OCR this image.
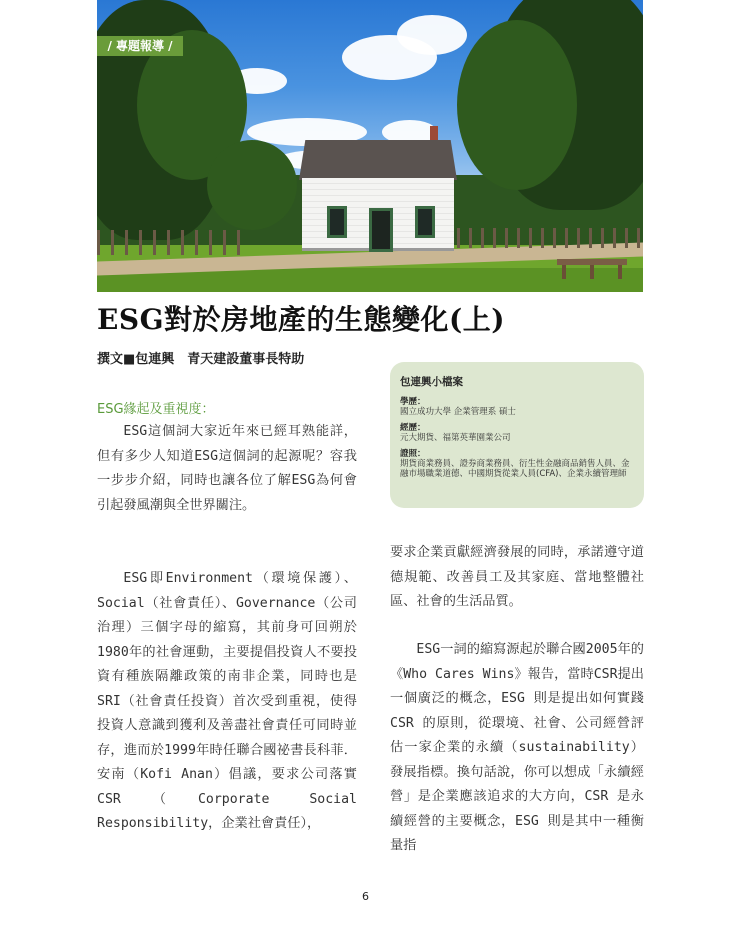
/ 專題報導 /
ESG對於房地產的生態變化(上)
撰文■包連興　青天建設董事長特助
包連興小檔案
學歷：
國立成功大學 企業管理系 碩士
經歷：
元大期貨、福第英華園業公司
證照：
期貨商業務員、證券商業務員、衍生性金融商品銷售人員、金融市場職業道德、中國期貨從業人員(CFA)、企業永續管理師
ESG緣起及重視度：

ESG這個詞大家近年來已經耳熟能詳，但有多少人知道ESG這個詞的起源呢？容我一步步介紹，同時也讓各位了解ESG為何會引起發風潮與全世界關注。

ESG即Environment（環境保護）、Social（社會責任）、Governance（公司治理）三個字母的縮寫，其前身可回朔於1980年的社會運動，主要提倡投資人不要投資有種族隔離政策的南非企業，同時也是SRI（社會責任投資）首次受到重視，使得投資人意識到獲利及善盡社會責任可同時並存，進而於1999年時任聯合國祕書長科菲．安南（Kofi Anan）倡議，要求公司落實CSR（Corporate Social Responsibility，企業社會責任），

要求企業貢獻經濟發展的同時，承諾遵守道德規範、改善員工及其家庭、當地整體社區、社會的生活品質。

ESG一詞的縮寫源起於聯合國2005年的《Who Cares Wins》報告，當時CSR提出一個廣泛的概念，ESG 則是提出如何實踐 CSR 的原則，從環境、社會、公司經營評估一家企業的永續（sustainability）發展指標。換句話說，你可以想成「永續經營」是企業應該追求的大方向，CSR 是永續經營的主要概念，ESG 則是其中一種衡量指

6
